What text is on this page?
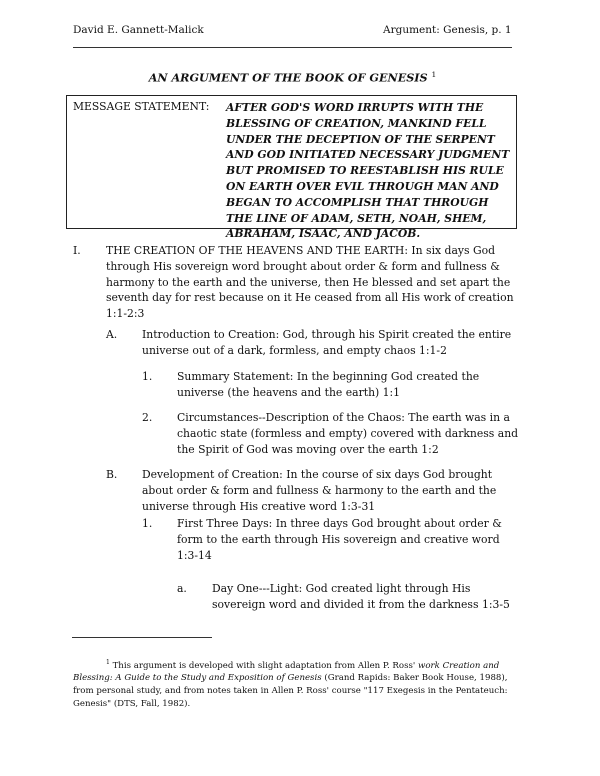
David E. Gannett-Malick	Argument: Genesis, p. 1
AN ARGUMENT OF THE BOOK OF GENESIS $^1$
MESSAGE STATEMENT: AFTER GOD'S WORD IRRUPTS WITH THE BLESSING OF CREATION, MANKIND FELL UNDER THE DECEPTION OF THE SERPENT AND GOD INITIATED NECESSARY JUDGMENT BUT PROMISED TO REESTABLISH HIS RULE ON EARTH OVER EVIL THROUGH MAN AND BEGAN TO ACCOMPLISH THAT THROUGH THE LINE OF ADAM, SETH, NOAH, SHEM, ABRAHAM, ISAAC, AND JACOB.
I. THE CREATION OF THE HEAVENS AND THE EARTH: In six days God through His sovereign word brought about order & form and fullness & harmony to the earth and the universe, then He blessed and set apart the seventh day for rest because on it He ceased from all His work of creation 1:1-2:3
A. Introduction to Creation: God, through his Spirit created the entire universe out of a dark, formless, and empty chaos 1:1-2
1. Summary Statement: In the beginning God created the universe (the heavens and the earth) 1:1
2. Circumstances--Description of the Chaos: The earth was in a chaotic state (formless and empty) covered with darkness and the Spirit of God was moving over the earth 1:2
B. Development of Creation: In the course of six days God brought about order & form and fullness & harmony to the earth and the universe through His creative word 1:3-31
1. First Three Days: In three days God brought about order & form to the earth through His sovereign and creative word 1:3-14
a. Day One---Light: God created light through His sovereign word and divided it from the darkness 1:3-5
$^1$ This argument is developed with slight adaptation from Allen P. Ross' work Creation and Blessing: A Guide to the Study and Exposition of Genesis (Grand Rapids: Baker Book House, 1988), from personal study, and from notes taken in Allen P. Ross' course "117 Exegesis in the Pentateuch: Genesis" (DTS, Fall, 1982).
